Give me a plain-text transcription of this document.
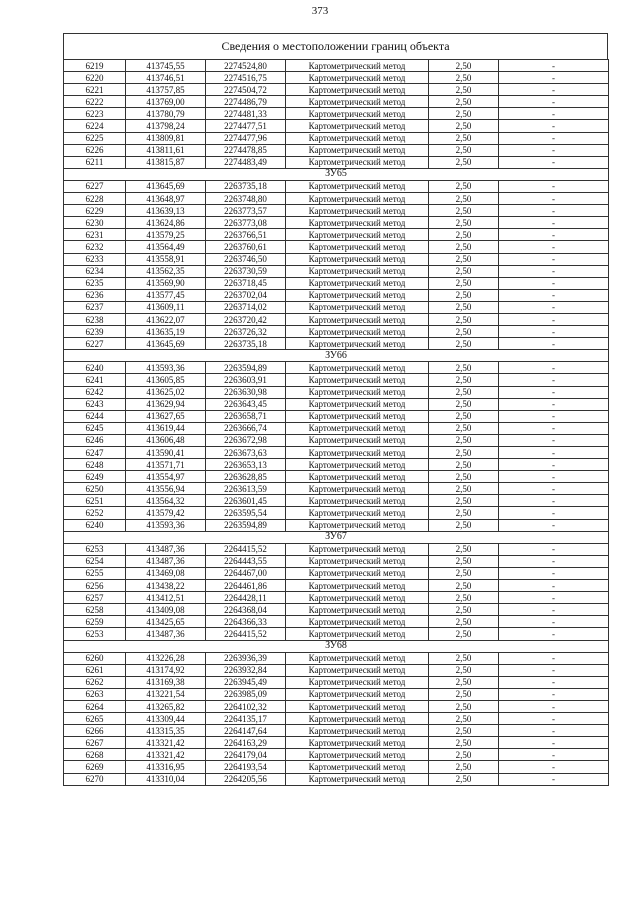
373
Сведения о местоположении границ объекта
6219	413745,55	2274524,80	Картометрический метод	2,50	-
6220	413746,51	2274516,75	Картометрический метод	2,50	-
6221	413757,85	2274504,72	Картометрический метод	2,50	-
6222	413769,00	2274486,79	Картометрический метод	2,50	-
6223	413780,79	2274481,33	Картометрический метод	2,50	-
6224	413798,24	2274477,51	Картометрический метод	2,50	-
6225	413809,81	2274477,96	Картометрический метод	2,50	-
6226	413811,61	2274478,85	Картометрический метод	2,50	-
6211	413815,87	2274483,49	Картометрический метод	2,50	-
ЗУ65					
6227	413645,69	2263735,18	Картометрический метод	2,50	-
6228	413648,97	2263748,80	Картометрический метод	2,50	-
6229	413639,13	2263773,57	Картометрический метод	2,50	-
6230	413624,86	2263773,08	Картометрический метод	2,50	-
6231	413579,25	2263766,51	Картометрический метод	2,50	-
6232	413564,49	2263760,61	Картометрический метод	2,50	-
6233	413558,91	2263746,50	Картометрический метод	2,50	-
6234	413562,35	2263730,59	Картометрический метод	2,50	-
6235	413569,90	2263718,45	Картометрический метод	2,50	-
6236	413577,45	2263702,04	Картометрический метод	2,50	-
6237	413609,11	2263714,02	Картометрический метод	2,50	-
6238	413622,07	2263720,42	Картометрический метод	2,50	-
6239	413635,19	2263726,32	Картометрический метод	2,50	-
6227	413645,69	2263735,18	Картометрический метод	2,50	-
ЗУ66					
6240	413593,36	2263594,89	Картометрический метод	2,50	-
6241	413605,85	2263603,91	Картометрический метод	2,50	-
6242	413625,02	2263630,98	Картометрический метод	2,50	-
6243	413629,94	2263643,45	Картометрический метод	2,50	-
6244	413627,65	2263658,71	Картометрический метод	2,50	-
6245	413619,44	2263666,74	Картометрический метод	2,50	-
6246	413606,48	2263672,98	Картометрический метод	2,50	-
6247	413590,41	2263673,63	Картометрический метод	2,50	-
6248	413571,71	2263653,13	Картометрический метод	2,50	-
6249	413554,97	2263628,85	Картометрический метод	2,50	-
6250	413556,94	2263613,59	Картометрический метод	2,50	-
6251	413564,32	2263601,45	Картометрический метод	2,50	-
6252	413579,42	2263595,54	Картометрический метод	2,50	-
6240	413593,36	2263594,89	Картометрический метод	2,50	-
ЗУ67					
6253	413487,36	2264415,52	Картометрический метод	2,50	-
6254	413487,36	2264443,55	Картометрический метод	2,50	-
6255	413469,08	2264467,00	Картометрический метод	2,50	-
6256	413438,22	2264461,86	Картометрический метод	2,50	-
6257	413412,51	2264428,11	Картометрический метод	2,50	-
6258	413409,08	2264368,04	Картометрический метод	2,50	-
6259	413425,65	2264366,33	Картометрический метод	2,50	-
6253	413487,36	2264415,52	Картометрический метод	2,50	-
ЗУ68					
6260	413226,28	2263936,39	Картометрический метод	2,50	-
6261	413174,92	2263932,84	Картометрический метод	2,50	-
6262	413169,38	2263945,49	Картометрический метод	2,50	-
6263	413221,54	2263985,09	Картометрический метод	2,50	-
6264	413265,82	2264102,32	Картометрический метод	2,50	-
6265	413309,44	2264135,17	Картометрический метод	2,50	-
6266	413315,35	2264147,64	Картометрический метод	2,50	-
6267	413321,42	2264163,29	Картометрический метод	2,50	-
6268	413321,42	2264179,04	Картометрический метод	2,50	-
6269	413316,95	2264193,54	Картометрический метод	2,50	-
6270	413310,04	2264205,56	Картометрический метод	2,50	-
